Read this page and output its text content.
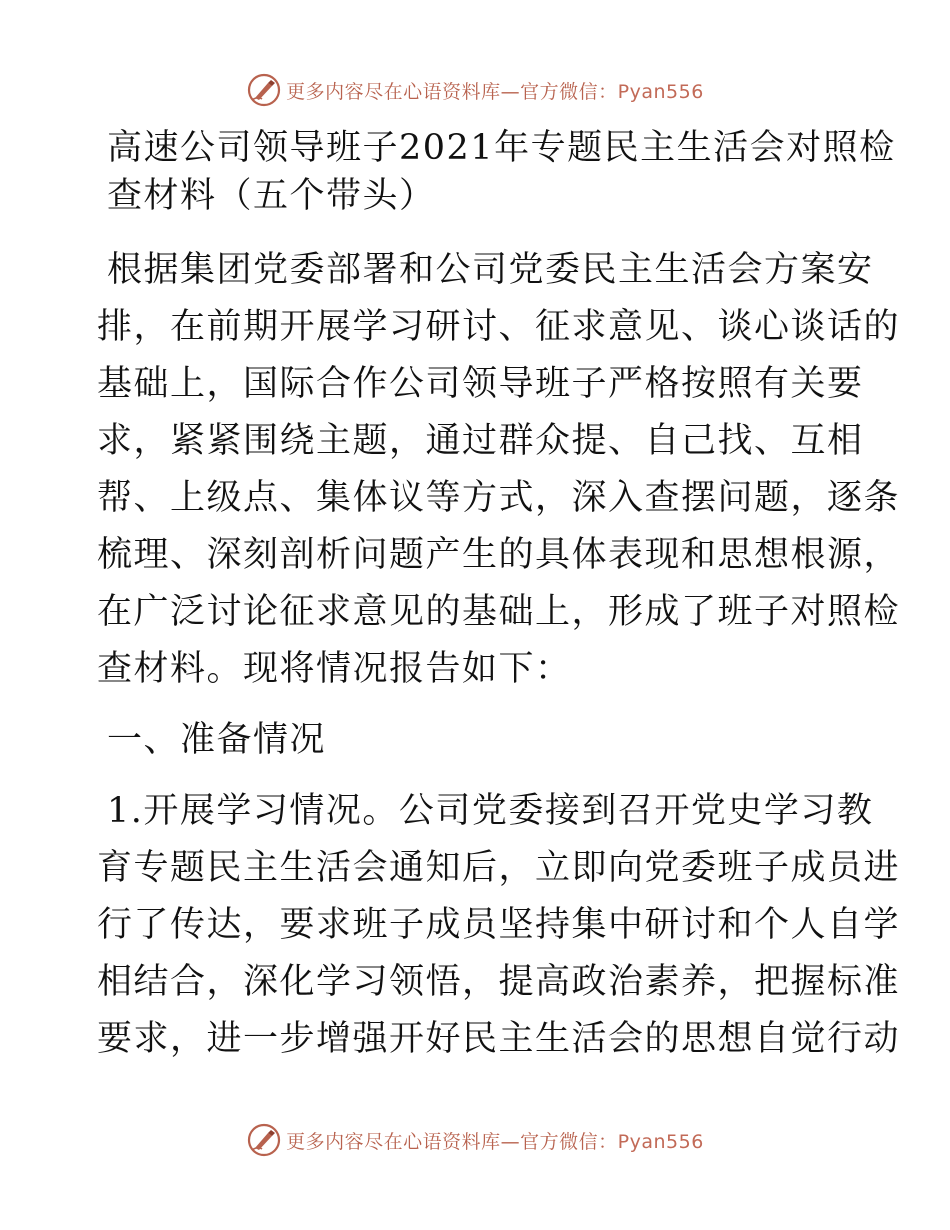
更多内容尽在心语资料库—官方微信：Pyan556
高速公司领导班子2021年专题民主生活会对照检
查材料（五个带头）
根据集团党委部署和公司党委民主生活会方案安
排，在前期开展学习研讨、征求意见、谈心谈话的
基础上，国际合作公司领导班子严格按照有关要
求，紧紧围绕主题，通过群众提、自己找、互相
帮、上级点、集体议等方式，深入查摆问题，逐条
梳理、深刻剖析问题产生的具体表现和思想根源，
在广泛讨论征求意见的基础上，形成了班子对照检
查材料。现将情况报告如下：
一、准备情况
1.开展学习情况。公司党委接到召开党史学习教
育专题民主生活会通知后，立即向党委班子成员进
行了传达，要求班子成员坚持集中研讨和个人自学
相结合，深化学习领悟，提高政治素养，把握标准
要求，进一步增强开好民主生活会的思想自觉行动
更多内容尽在心语资料库—官方微信：Pyan556
